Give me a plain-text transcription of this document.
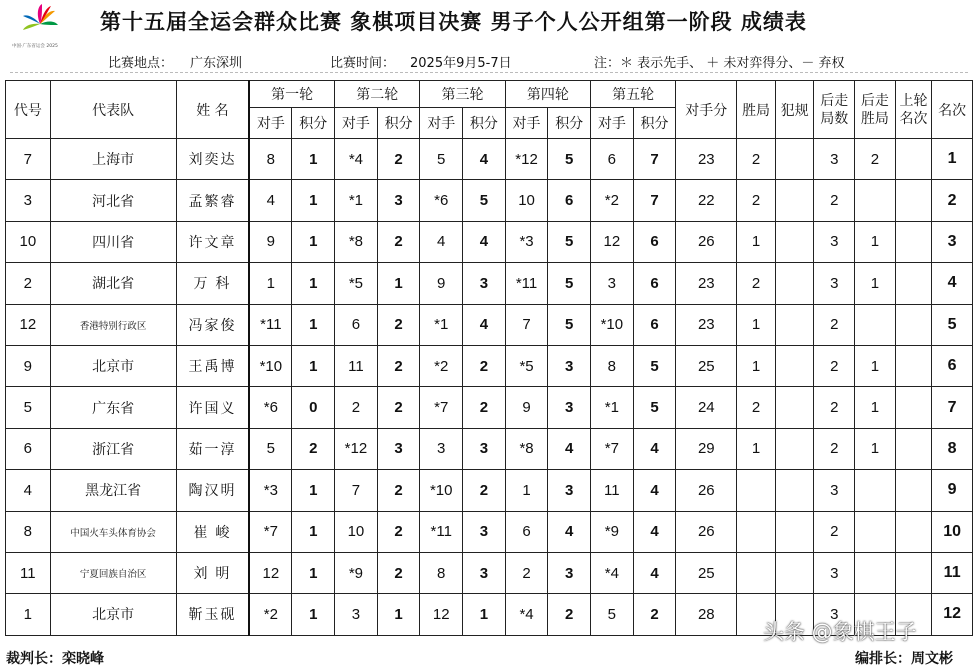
中国·广东省运会 2025
第十五届全运会群众比赛 象棋项目决赛 男子个人公开组第一阶段 成绩表
比赛地点： 广东深圳	比赛时间： 2025年9月5-7日	注：＊ 表示先手、 ＋ 未对弈得分、－ 弃权
代号	代表队	姓 名	第一轮		第二轮		第三轮		第四轮		第五轮		对手分	胜局	犯规	后走局数	后走胜局	上轮名次	名次
			对手	积分	对手	积分	对手	积分	对手	积分	对手	积分							
7	上海市	刘奕达	8	1	*4	2	5	4	*12	5	6	7	23	2		3	2		1
3	河北省	孟繁睿	4	1	*1	3	*6	5	10	6	*2	7	22	2		2			2
10	四川省	许文章	9	1	*8	2	4	4	*3	5	12	6	26	1		3	1		3
2	湖北省	万 科	1	1	*5	1	9	3	*11	5	3	6	23	2		3	1		4
12	香港特别行政区	冯家俊	*11	1	6	2	*1	4	7	5	*10	6	23	1		2			5
9	北京市	王禹博	*10	1	11	2	*2	2	*5	3	8	5	25	1		2	1		6
5	广东省	许国义	*6	0	2	2	*7	2	9	3	*1	5	24	2		2	1		7
6	浙江省	茹一淳	5	2	*12	3	3	3	*8	4	*7	4	29	1		2	1		8
4	黑龙江省	陶汉明	*3	1	7	2	*10	2	1	3	11	4	26			3			9
8	中国火车头体育协会	崔 峻	*7	1	10	2	*11	3	6	4	*9	4	26			2			10
11	宁夏回族自治区	刘 明	12	1	*9	2	8	3	2	3	*4	4	25			3			11
1	北京市	靳玉砚	*2	1	3	1	12	1	*4	2	5	2	28			3			12
头条 @象棋王子
裁判长：栾晓峰	编排长：周文彬
